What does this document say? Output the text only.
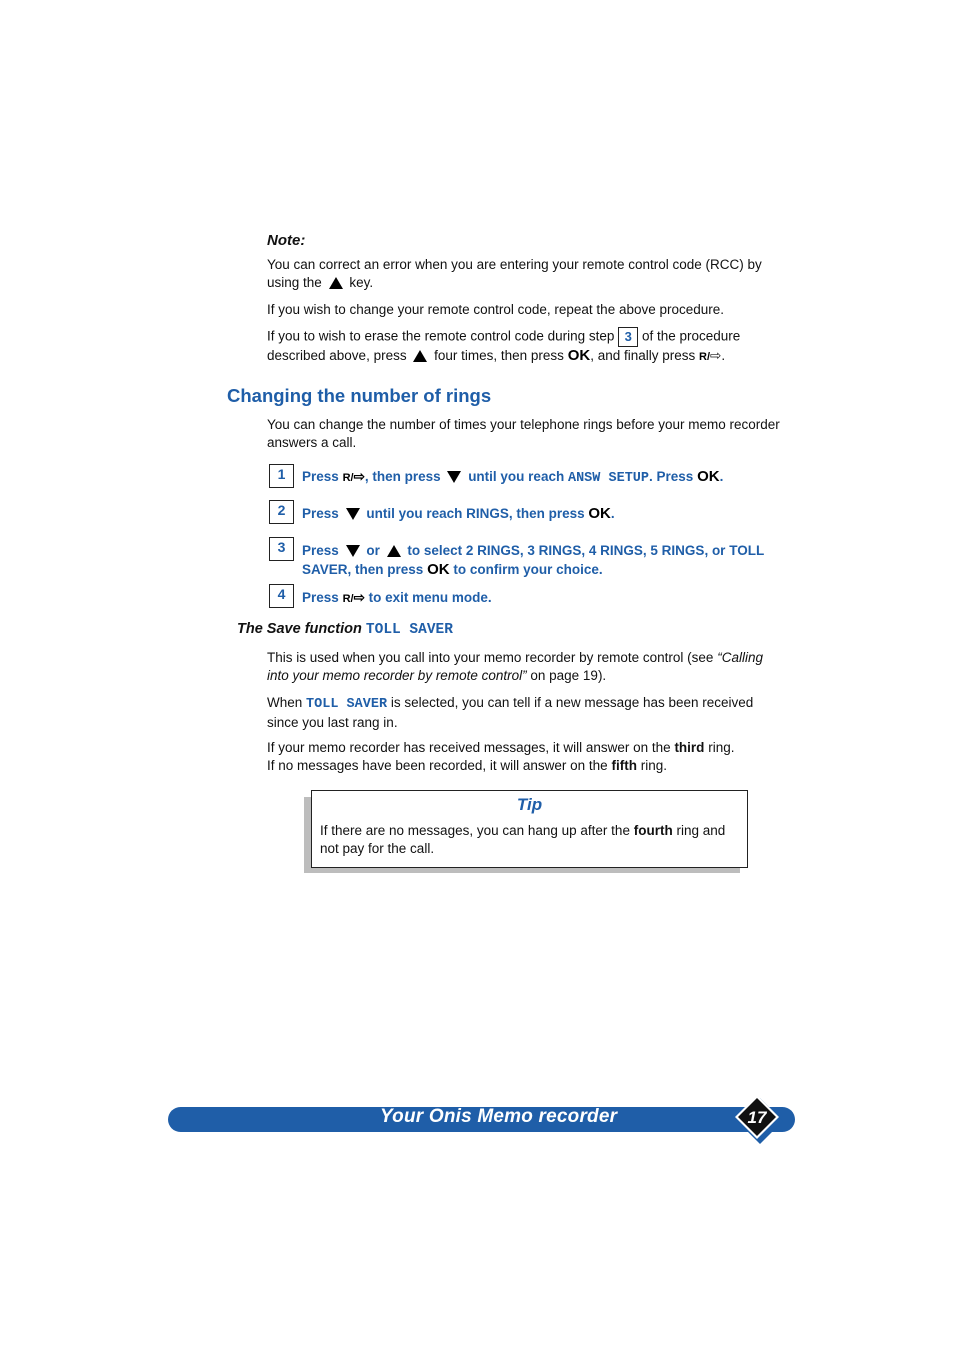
Note:
You can correct an error when you are entering your remote control code (RCC) by using the key.
If you wish to change your remote control code, repeat the above procedure.
If you to wish to erase the remote control code during step 3 of the procedure described above, press four times, then press OK, and finally press R/⇨.
Changing the number of rings
You can change the number of times your telephone rings before your memo recorder answers a call.
1	Press R/⇨, then press until you reach ANSW SETUP. Press OK.
2	Press until you reach RINGS, then press OK.
3	Press or to select 2 RINGS, 3 RINGS, 4 RINGS, 5 RINGS, or TOLL SAVER, then press OK to confirm your choice.
4	Press R/⇨ to exit menu mode.
The Save function TOLL SAVER
This is used when you call into your memo recorder by remote control (see “Calling into your memo recorder by remote control” on page 19).
When TOLL SAVER is selected, you can tell if a new message has been received since you last rang in.
If your memo recorder has received messages, it will answer on the third ring.
If no messages have been recorded, it will answer on the fifth ring.
Tip
If there are no messages, you can hang up after the fourth ring and not pay for the call.
Your Onis Memo recorder	17
